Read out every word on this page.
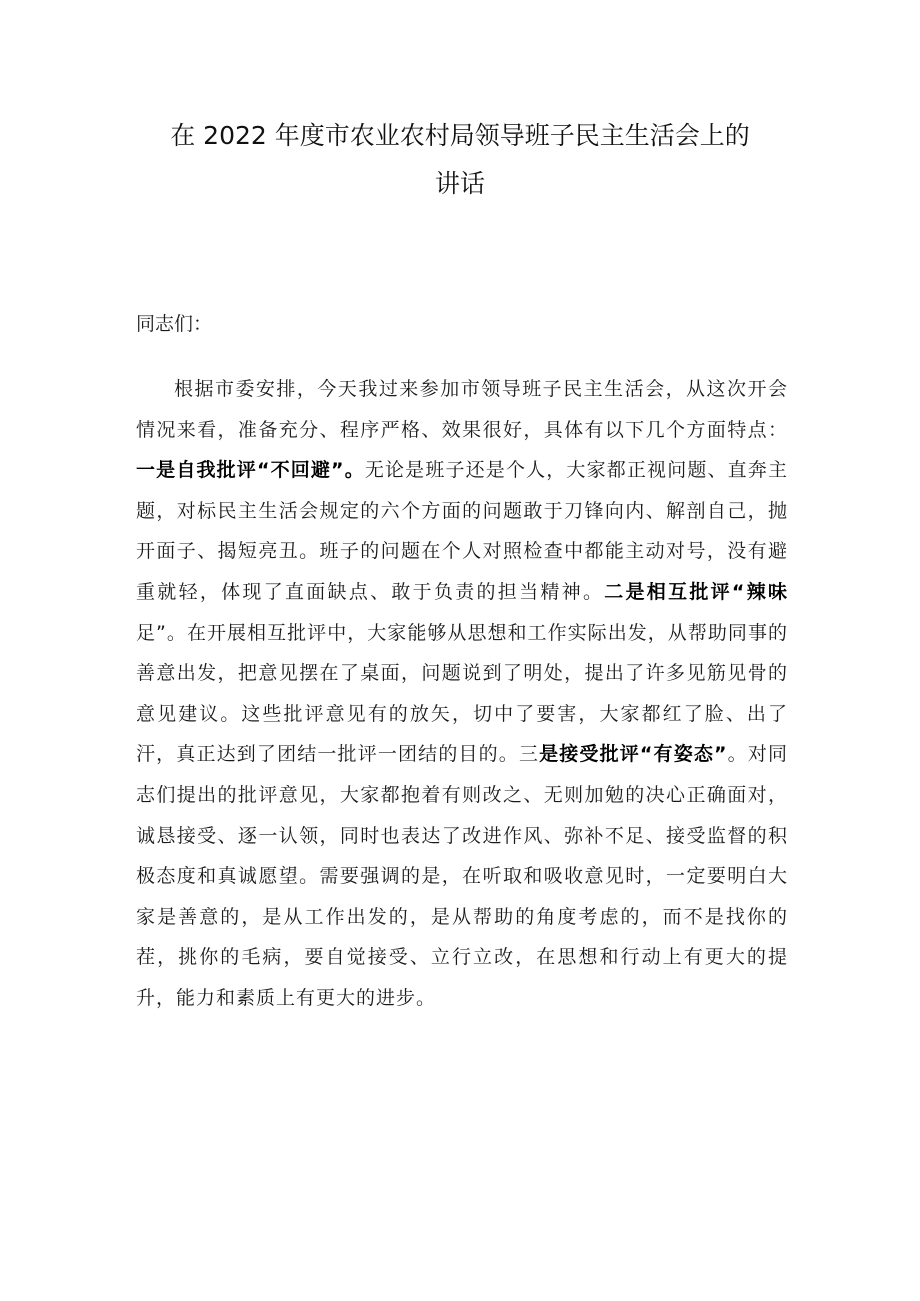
在 2022 年度市农业农村局领导班子民主生活会上的
讲话

同志们：

根据市委安排，今天我过来参加市领导班子民主生活会，从这次开会情况来看，准备充分、程序严格、效果很好，具体有以下几个方面特点：一是自我批评“不回避”。无论是班子还是个人，大家都正视问题、直奔主题，对标民主生活会规定的六个方面的问题敢于刀锋向内、解剖自己，抛开面子、揭短亮丑。班子的问题在个人对照检查中都能主动对号，没有避重就轻，体现了直面缺点、敢于负责的担当精神。二是相互批评“辣味足”。在开展相互批评中，大家能够从思想和工作实际出发，从帮助同事的善意出发，把意见摆在了桌面，问题说到了明处，提出了许多见筋见骨的意见建议。这些批评意见有的放矢，切中了要害，大家都红了脸、出了汗，真正达到了团结一批评一团结的目的。三是接受批评“有姿态”。对同志们提出的批评意见，大家都抱着有则改之、无则加勉的决心正确面对，诚恳接受、逐一认领，同时也表达了改进作风、弥补不足、接受监督的积极态度和真诚愿望。需要强调的是，在听取和吸收意见时，一定要明白大家是善意的，是从工作出发的，是从帮助的角度考虑的，而不是找你的茬，挑你的毛病，要自觉接受、立行立改，在思想和行动上有更大的提升，能力和素质上有更大的进步。
